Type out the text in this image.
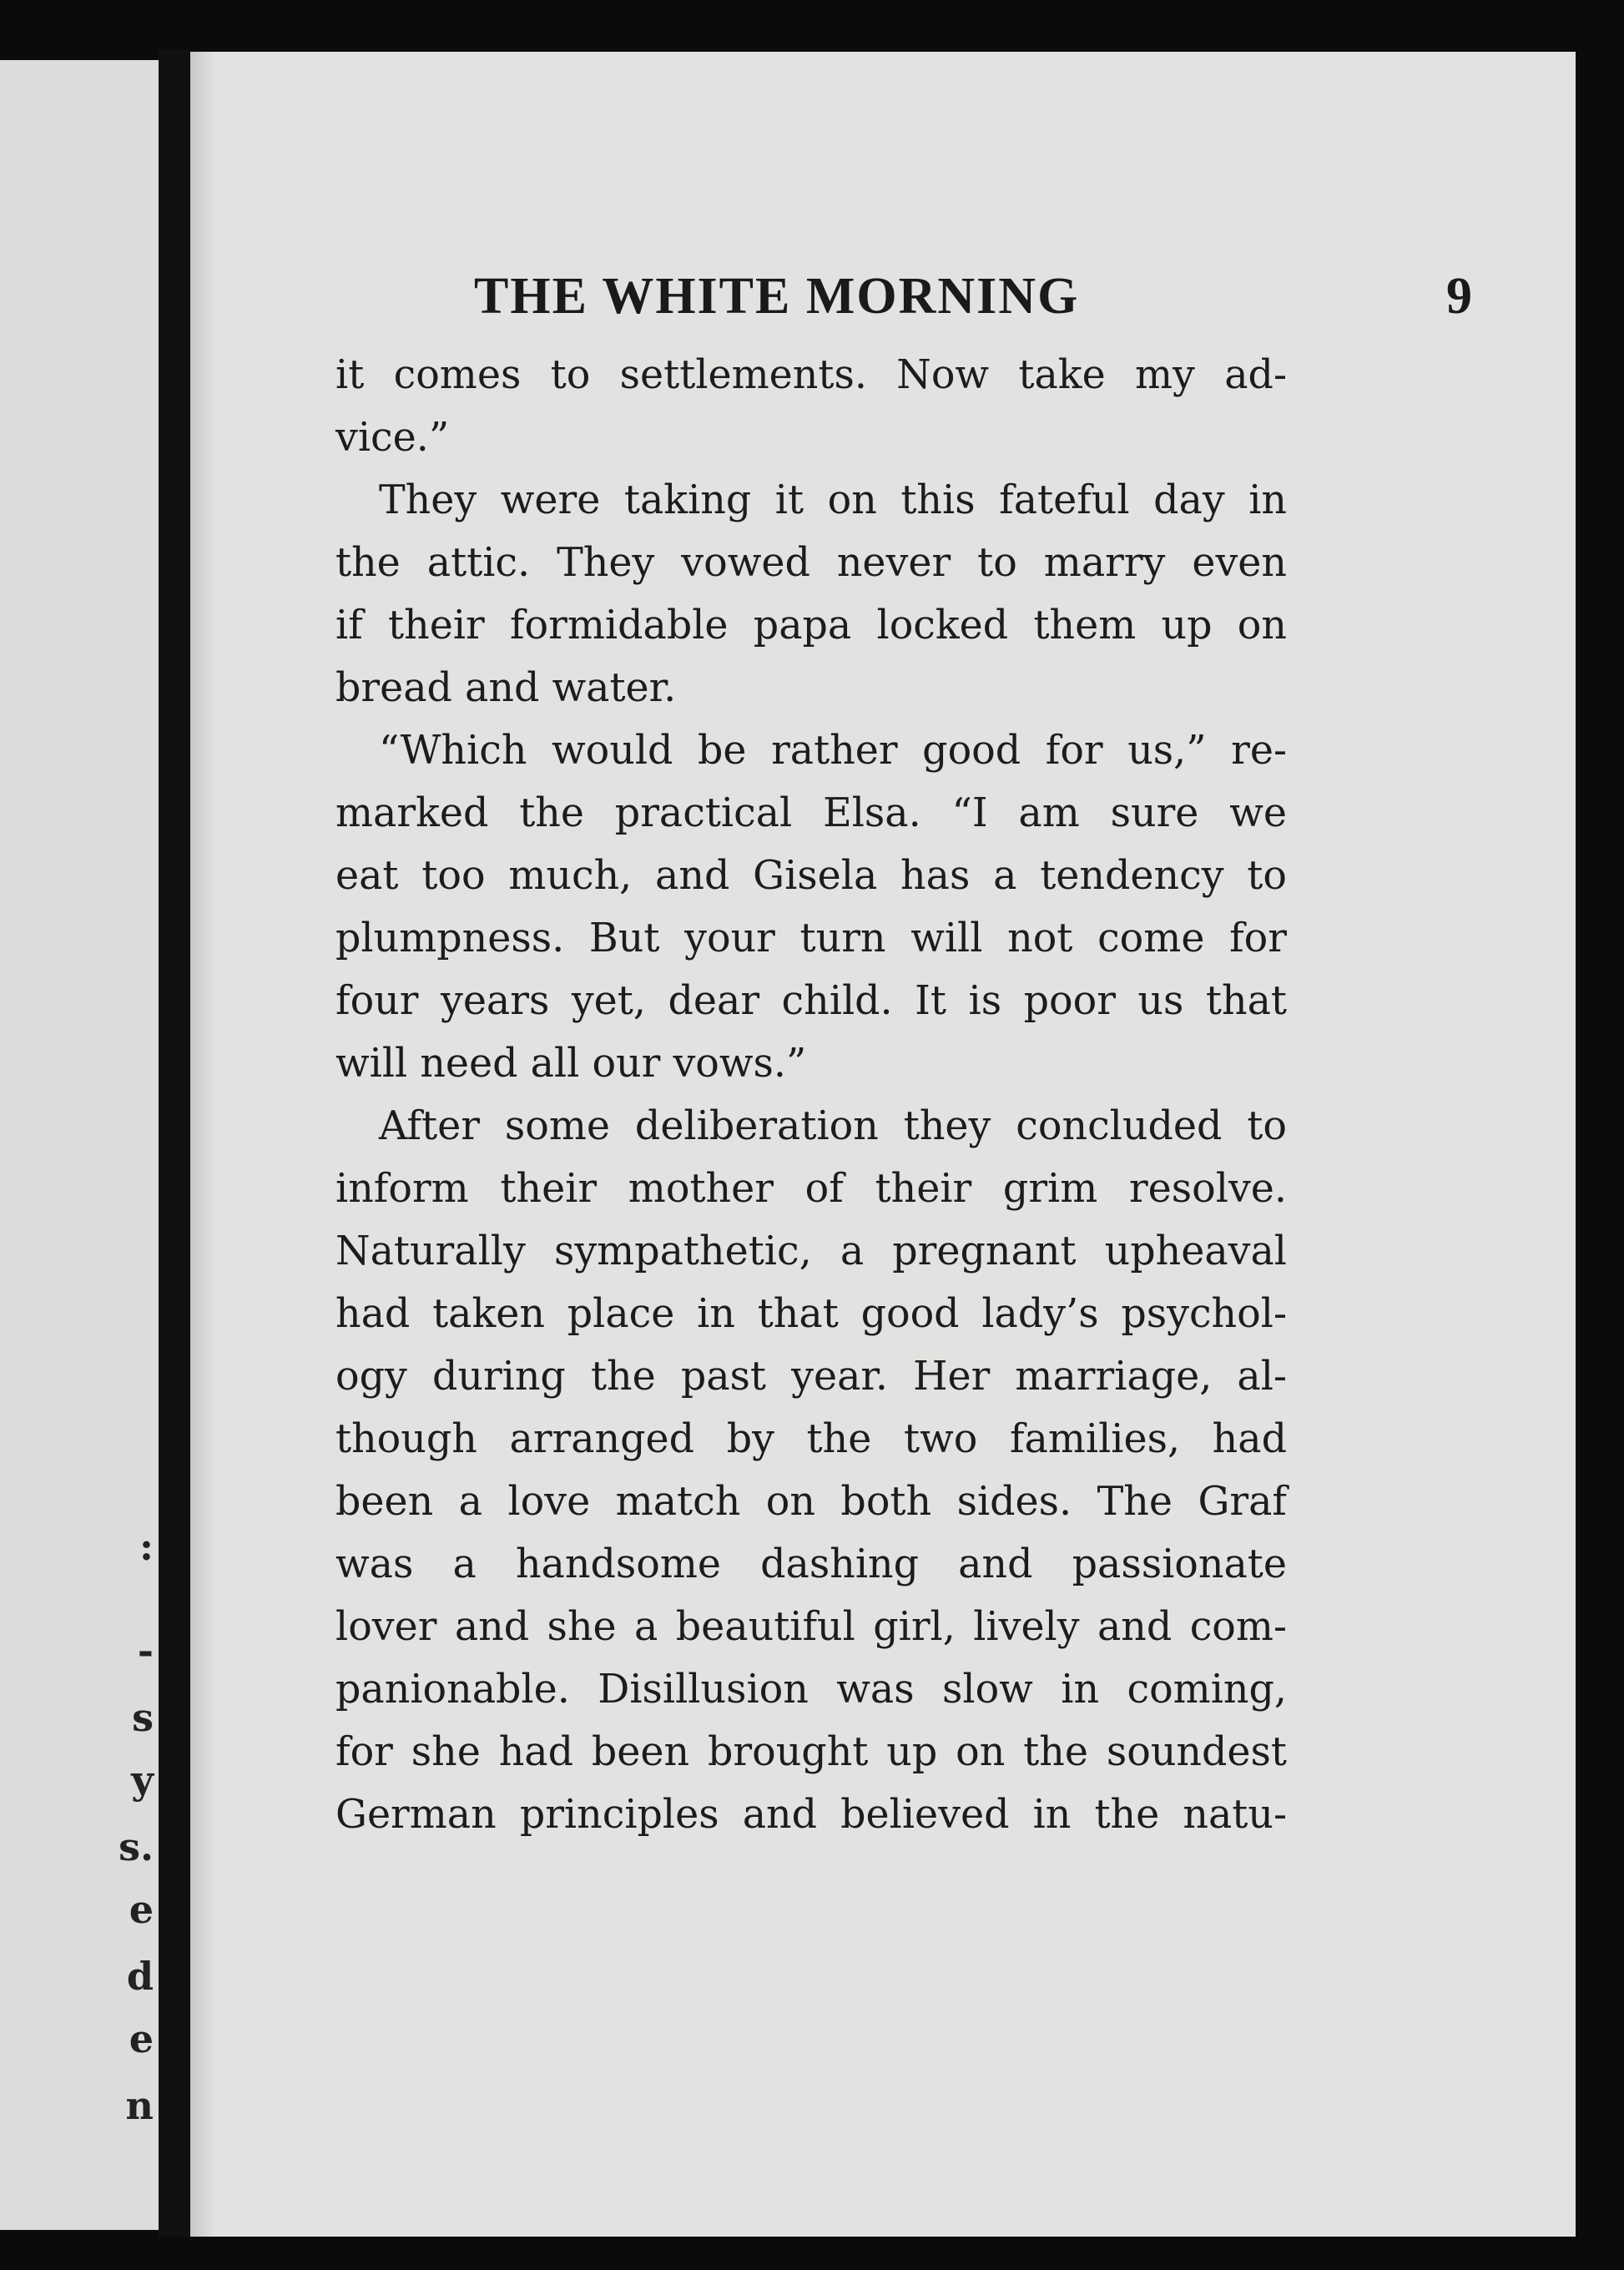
:
-
s
y
s.
e
d
e
n
THE WHITE MORNING	9
it comes to settlements. Now take my ad-
vice.”
They were taking it on this fateful day in
the attic. They vowed never to marry even
if their formidable papa locked them up on
bread and water.
“Which would be rather good for us,” re-
marked the practical Elsa. “I am sure we
eat too much, and Gisela has a tendency to
plumpness. But your turn will not come for
four years yet, dear child. It is poor us that
will need all our vows.”
After some deliberation they concluded to
inform their mother of their grim resolve.
Naturally sympathetic, a pregnant upheaval
had taken place in that good lady’s psychol-
ogy during the past year. Her marriage, al-
though arranged by the two families, had
been a love match on both sides. The Graf
was a handsome dashing and passionate
lover and she a beautiful girl, lively and com-
panionable. Disillusion was slow in coming,
for she had been brought up on the soundest
German principles and believed in the natu-
